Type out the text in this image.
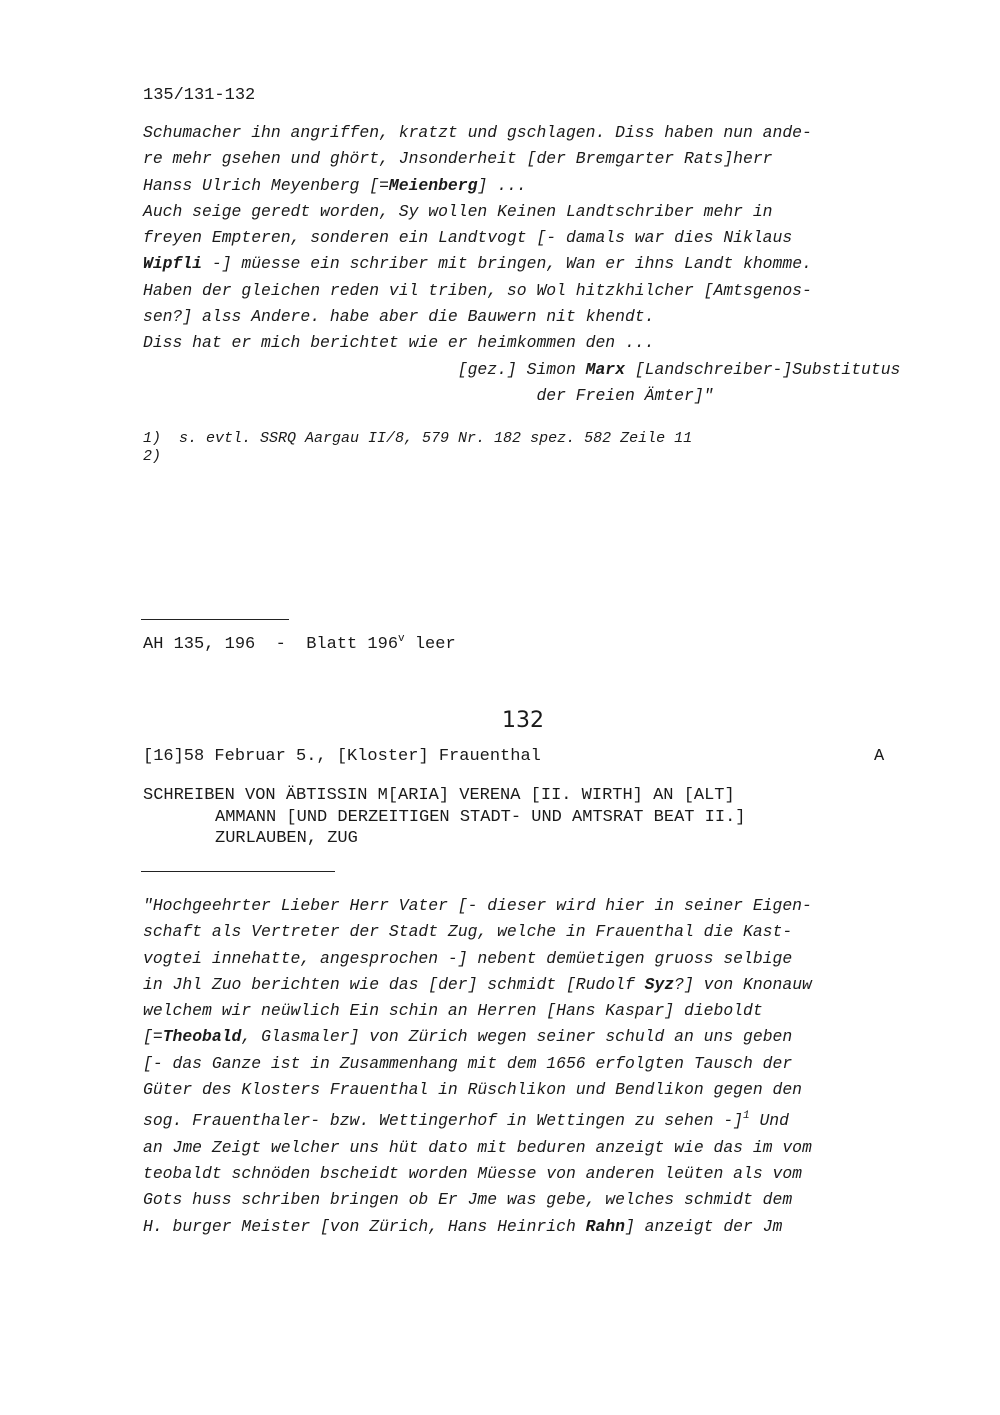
135/131-132
Schumacher ihn angriffen, kratzt und gschlagen. Diss haben nun ande-
re mehr gsehen und ghört, Jnsonderheit [der Bremgarter Rats]herr
Hanss Ulrich Meyenberg [=Meienberg] ...
Auch seige geredt worden, Sy wollen Keinen Landtschriber mehr in
freyen Empteren, sonderen ein Landtvogt [- damals war dies Niklaus
Wipfli -] müesse ein schriber mit bringen, Wan er ihns Landt khomme.
Haben der gleichen reden vil triben, so Wol hitzkhilcher [Amtsgenos-
sen?] alss Andere. habe aber die Bauwern nit khendt.
Diss hat er mich berichtet wie er heimkommen den ...
[gez.] Simon Marx [Landschreiber-]Substitutus
der Freien Ämter]"
1)  s. evtl. SSRQ Aargau II/8, 579 Nr. 182 spez. 582 Zeile 11
2)
AH 135, 196  -  Blatt 196$^v$ leer
132
[16]58 Februar 5., [Kloster] Frauenthal	A
SCHREIBEN VON ÄBTISSIN M[ARIA] VERENA [II. WIRTH] AN [ALT]
AMMANN [UND DERZEITIGEN STADT- UND AMTSRAT BEAT II.]
ZURLAUBEN, ZUG
"Hochgeehrter Lieber Herr Vater [- dieser wird hier in seiner Eigen-
schaft als Vertreter der Stadt Zug, welche in Frauenthal die Kast-
vogtei innehatte, angesprochen -] nebent demüetigen gruoss selbige
in Jhl Zuo berichten wie das [der] schmidt [Rudolf Syz?] von Knonauw
welchem wir neüwlich Ein schin an Herren [Hans Kaspar] dieboldt
[=Theobald, Glasmaler] von Zürich wegen seiner schuld an uns geben
[- das Ganze ist in Zusammenhang mit dem 1656 erfolgten Tausch der
Güter des Klosters Frauenthal in Rüschlikon und Bendlikon gegen den
sog. Frauenthaler- bzw. Wettingerhof in Wettingen zu sehen -]$^1$ Und
an Jme Zeigt welcher uns hüt dato mit beduren anzeigt wie das im vom
teobaldt schnöden bscheidt worden Müesse von anderen leüten als vom
Gots huss schriben bringen ob Er Jme was gebe, welches schmidt dem
H. burger Meister [von Zürich, Hans Heinrich Rahn] anzeigt der Jm
